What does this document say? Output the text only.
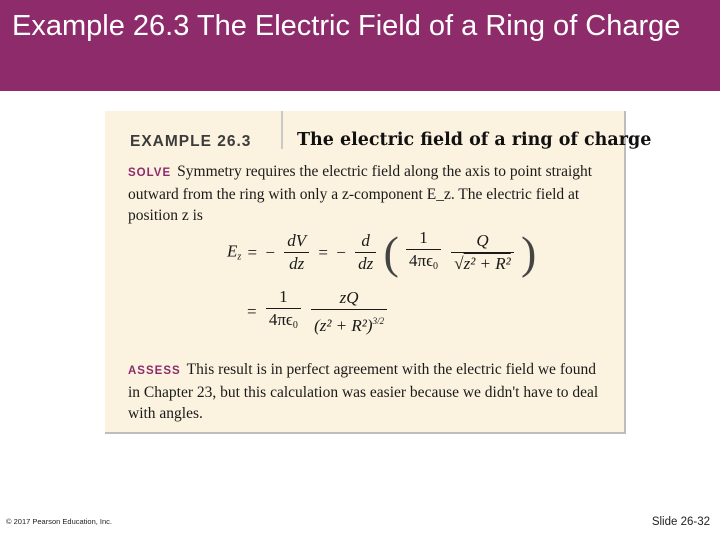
Example 26.3 The Electric Field of a Ring of Charge
EXAMPLE 26.3	The electric field of a ring of charge
SOLVE Symmetry requires the electric field along the axis to point straight outward from the ring with only a z-component E_z. The electric field at position z is
$E_z$ = − $\frac{dV}{dz}$ = − $\frac{d}{dz}$ ( $\frac{1}{4\pi\epsilon_0}$
$\frac{Q}{\text{√z² + R²}}$ )
= $\frac{1}{4\pi\epsilon_0}$
$\frac{zQ}{(z^2 + R^2)^{3/2}}$
ASSESS This result is in perfect agreement with the electric field we found in Chapter 23, but this calculation was easier because we didn't have to deal with angles.
© 2017 Pearson Education, Inc.	Slide 26-32
